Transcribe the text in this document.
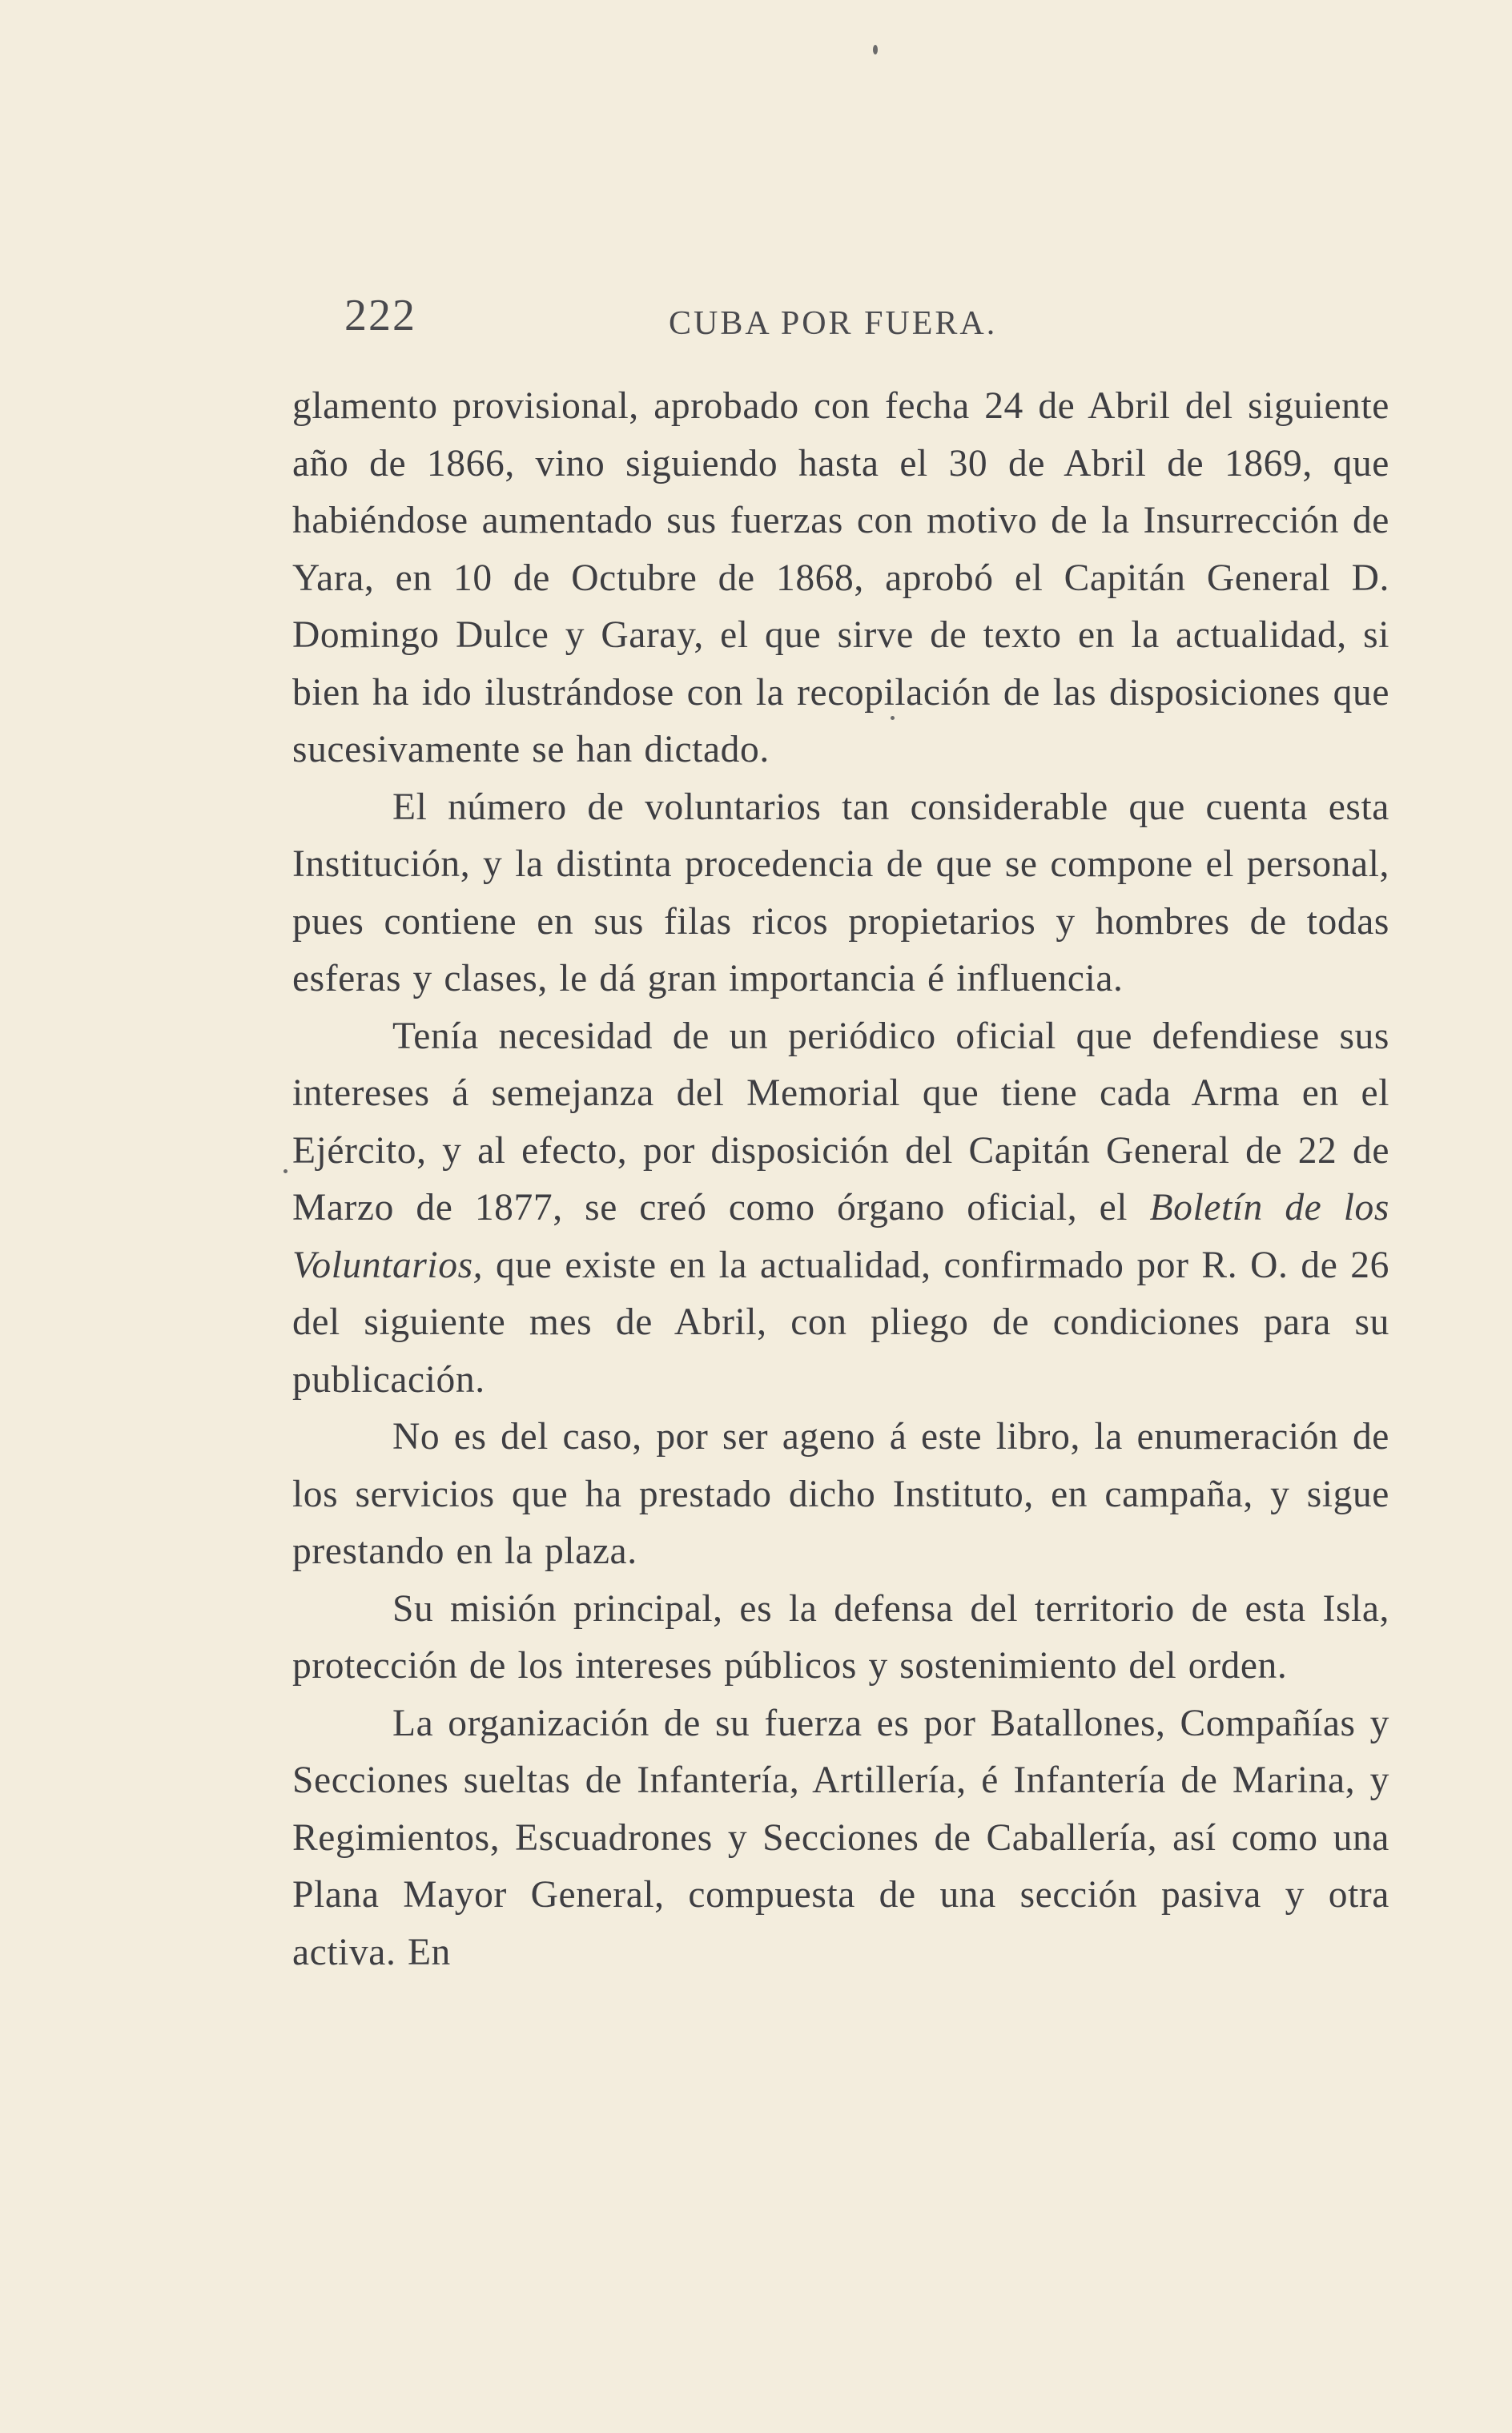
222	CUBA POR FUERA.

glamento provisional, aprobado con fecha 24 de Abril del siguiente año de 1866, vino siguiendo hasta el 30 de Abril de 1869, que habiéndose aumentado sus fuerzas con motivo de la Insurrección de Yara, en 10 de Octubre de 1868, aprobó el Capitán General D. Domingo Dulce y Garay, el que sirve de texto en la actualidad, si bien ha ido ilustrándose con la recopilación de las disposiciones que sucesivamente se han dictado.

El número de voluntarios tan considerable que cuenta esta Institución, y la distinta procedencia de que se compone el personal, pues contiene en sus filas ricos propietarios y hombres de todas esferas y clases, le dá gran importancia é influencia.

Tenía necesidad de un periódico oficial que defendiese sus intereses á semejanza del Memorial que tiene cada Arma en el Ejército, y al efecto, por disposición del Capitán General de 22 de Marzo de 1877, se creó como órgano oficial, el Boletín de los Voluntarios, que existe en la actualidad, confirmado por R. O. de 26 del siguiente mes de Abril, con pliego de condiciones para su publicación.

No es del caso, por ser ageno á este libro, la enumeración de los servicios que ha prestado dicho Instituto, en campaña, y sigue prestando en la plaza.

Su misión principal, es la defensa del territorio de esta Isla, protección de los intereses públicos y sostenimiento del orden.

La organización de su fuerza es por Batallones, Compañías y Secciones sueltas de Infantería, Artillería, é Infantería de Marina, y Regimientos, Escuadrones y Secciones de Caballería, así como una Plana Mayor General, compuesta de una sección pasiva y otra activa. En
